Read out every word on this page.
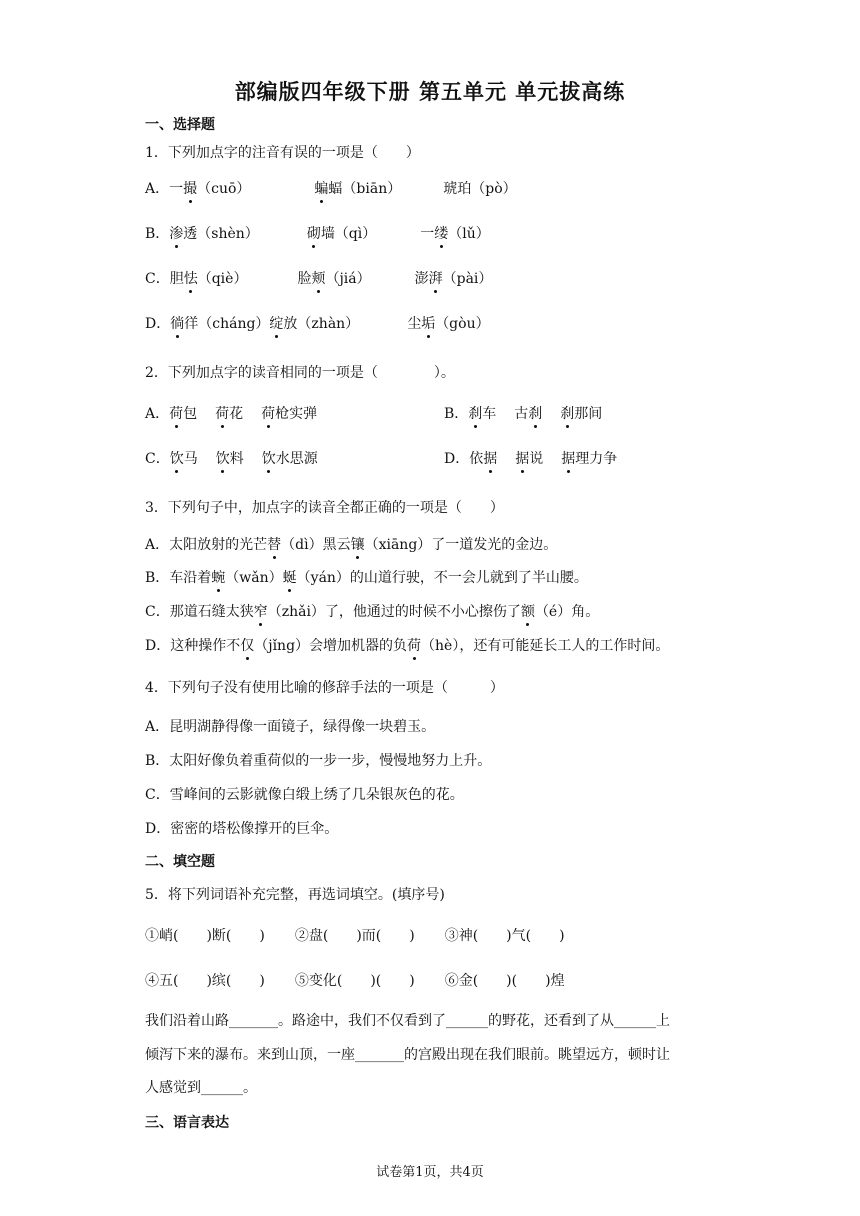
部编版四年级下册 第五单元 单元拔高练
一、选择题
1．下列加点字的注音有误的一项是（　　）
A．一撮（cuō）	蝙蝠（biān）	琥珀（pò）
B．渗透（shèn）	砌墙（qì）	一缕（lǔ）
C．胆怯（qiè）	脸颊（jiá）	澎湃（pài）
D．徜徉（cháng）绽放（zhàn）	尘垢（gòu）
2．下列加点字的读音相同的一项是（　　　　）。
A．荷包 荷花 荷枪实弹	B．刹车 古刹 刹那间
C．饮马 饮料 饮水思源	D．依据 据说 据理力争
3．下列句子中，加点字的读音全都正确的一项是（　　）
A．太阳放射的光芒替（dì）黑云镶（xiāng）了一道发光的金边。
B．车沿着蜿（wǎn）蜒（yán）的山道行驶，不一会儿就到了半山腰。
C．那道石缝太狭窄（zhǎi）了，他通过的时候不小心擦伤了额（é）角。
D．这种操作不仅（jǐng）会增加机器的负荷（hè），还有可能延长工人的工作时间。
4．下列句子没有使用比喻的修辞手法的一项是（　　　）
A．昆明湖静得像一面镜子，绿得像一块碧玉。
B．太阳好像负着重荷似的一步一步，慢慢地努力上升。
C．雪峰间的云影就像白缎上绣了几朵银灰色的花。
D．密密的塔松像撑开的巨伞。
二、填空题
5．将下列词语补充完整，再选词填空。(填序号)
①峭(　　)断(　　) ②盘(　　)而(　　) ③神(　　)气(　　)
④五(　　)缤(　　) ⑤变化(　　)(　　) ⑥金(　　)(　　)煌
我们沿着山路_______。路途中，我们不仅看到了______的野花，还看到了从______上
倾泻下来的瀑布。来到山顶，一座_______的宫殿出现在我们眼前。眺望远方，顿时让
人感觉到______。
三、语言表达
试卷第1页，共4页
